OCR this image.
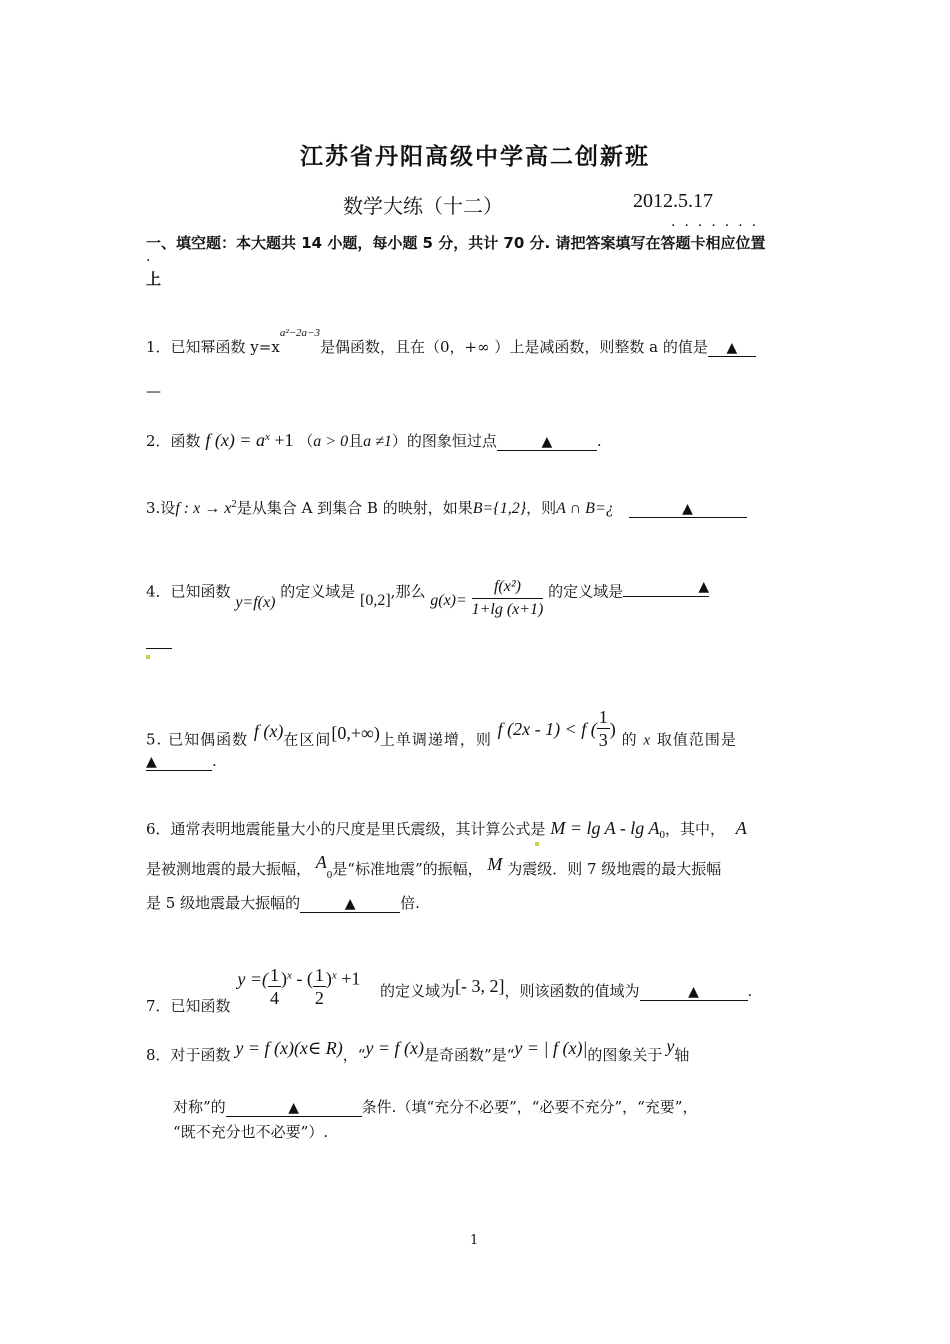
江苏省丹阳高级中学高二创新班
数学大练（十二）	2012.5.17
·······
·
一、填空题：本大题共 14 小题，每小题 5 分，共计 70 分. 请把答案填写在答题卡相应位置
上
1．已知幂函数 $y=x^{a^2-2a-3}$是偶函数，且在（0，+∞ ）上是减函数，则整数 a 的值是 ▲
—
2．函数 f $(x) = a^x +1$ （a > 0且a ≠1）的图象恒过点	▲	.
3.设f : $x \to x^2$是从集合 A 到集合 B 的映射，如果B={1,2}，则A ∩ B=¿	▲
4．已知函数 y=f(x) 的定义域是 [0,2],那么 $g(x)= \frac{\text{f(x²)}}{1+\lg (x+1)}$ 的定义域是	▲
5. 已知偶函数 f (x)在区间[0,+∞)上单调递增，则 f (2x - 1) < f ( $\frac{1}{3}$ ) 的 x 取值范围是
▲	.
6．通常表明地震能量大小的尺度是里氏震级，其计算公式是 $M = \lg A - \lg A_0$，其中， A
是被测地震的最大振幅， $A_0$是“标准地震”的振幅， M 为震级．则 7 级地震的最大振幅
是 5 级地震最大振幅的	▲	倍.
7．已知函数 y =( $\frac{1}{4} )^x$ - ( $\frac{1}{2} )^x +1$
的定义域为[- 3, 2]，则该函数的值域为	▲	.
8．对于函数 y = f (x)(x∈ R)，“y = f (x)是奇函数”是“y = | f (x)|的图象关于 y轴
对称”的	▲	条件.（填“充分不必要”，“必要不充分”，“充要”，
“既不充分也不必要”）.
1
